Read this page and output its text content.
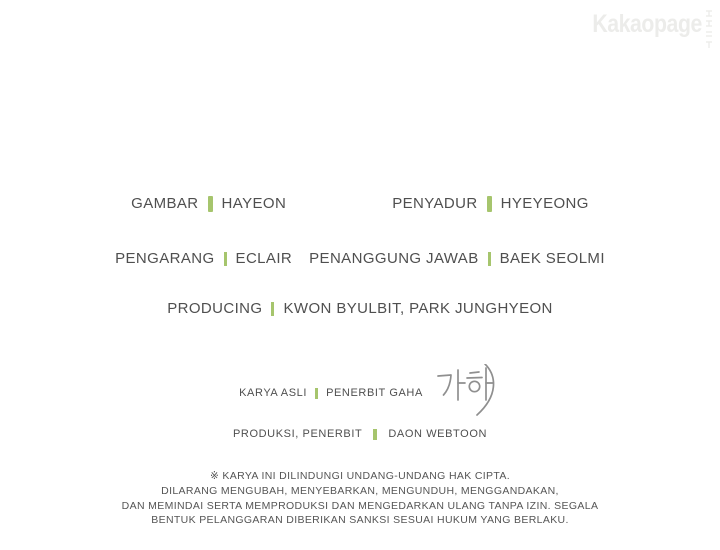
Kakaopage
GAMBAR HAYEON	PENYADUR HYEYEONG
PENGARANG ECLAIR PENANGGUNG JAWAB BAEK SEOLMI
PRODUCING KWON BYULBIT, PARK JUNGHYEON
KARYA ASLI PENERBIT GAHA
PRODUKSI, PENERBIT DAON WEBTOON
※ KARYA INI DILINDUNGI UNDANG-UNDANG HAK CIPTA.
DILARANG MENGUBAH, MENYEBARKAN, MENGUNDUH, MENGGANDAKAN,
DAN MEMINDAI SERTA MEMPRODUKSI DAN MENGEDARKAN ULANG TANPA IZIN. SEGALA
BENTUK PELANGGARAN DIBERIKAN SANKSI SESUAI HUKUM YANG BERLAKU.
